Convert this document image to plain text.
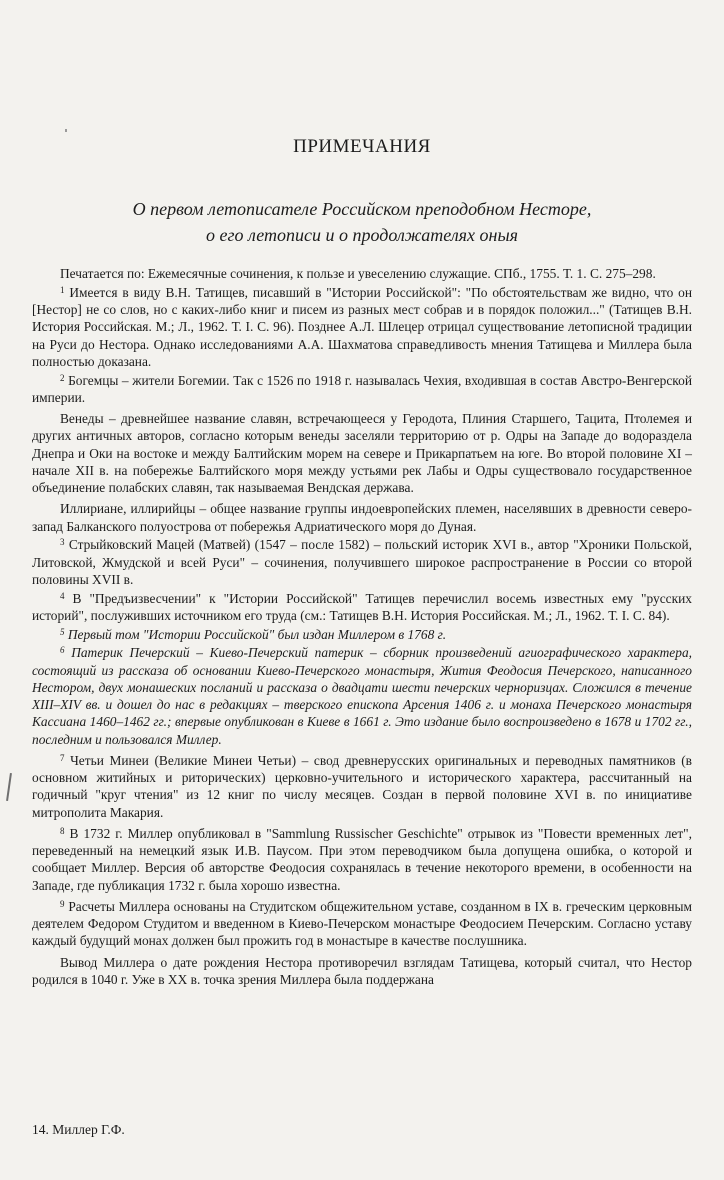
ПРИМЕЧАНИЯ
О первом летописателе Российском преподобном Несторе,
о его летописи и о продолжателях оныя

Печатается по: Ежемесячные сочинения, к пользе и увеселению служащие. СПб., 1755. Т. 1. С. 275–298.

$^1$ Имеется в виду В.Н. Татищев, писавший в "Истории Российской": "По обстоятельствам же видно, что он [Нестор] не со слов, но с каких-либо книг и писем из разных мест собрав и в порядок положил..." (Татищев В.Н. История Российская. М.; Л., 1962. Т. I. С. 96). Позднее А.Л. Шлецер отрицал существование летописной традиции на Руси до Нестора. Однако исследованиями А.А. Шахматова справедливость мнения Татищева и Миллера была полностью доказана.

$^2$ Богемцы – жители Богемии. Так с 1526 по 1918 г. называлась Чехия, входившая в состав Австро-Венгерской империи.

Венеды – древнейшее название славян, встречающееся у Геродота, Плиния Старшего, Тацита, Птолемея и других античных авторов, согласно которым венеды заселяли территорию от р. Одры на Западе до водораздела Днепра и Оки на востоке и между Балтийским морем на севере и Прикарпатьем на юге. Во второй половине XI – начале XII в. на побережье Балтийского моря между устьями рек Лабы и Одры существовало государственное объединение полабских славян, так называемая Вендская держава.

Иллириане, иллирийцы – общее название группы индоевропейских племен, населявших в древности северо-запад Балканского полуострова от побережья Адриатического моря до Дуная.

$^3$ Стрыйковский Мацей (Матвей) (1547 – после 1582) – польский историк XVI в., автор "Хроники Польской, Литовской, Жмудской и всей Руси" – сочинения, получившего широкое распространение в России со второй половины XVII в.

$^4$ В "Предъизвесчении" к "Истории Российской" Татищев перечислил восемь известных ему "русских историй", послуживших источником его труда (см.: Татищев В.Н. История Российская. М.; Л., 1962. Т. I. С. 84).

$^5$ Первый том "Истории Российской" был издан Миллером в 1768 г.

$^6$ Патерик Печерский – Киево-Печерский патерик – сборник произведений агиографического характера, состоящий из рассказа об основании Киево-Печерского монастыря, Жития Феодосия Печерского, написанного Нестором, двух монашеских посланий и рассказа о двадцати шести печерских черноризцах. Сложился в течение XIII–XIV вв. и дошел до нас в редакциях – тверского епископа Арсения 1406 г. и монаха Печерского монастыря Кассиана 1460–1462 гг.; впервые опубликован в Киеве в 1661 г. Это издание было воспроизведено в 1678 и 1702 гг., последним и пользовался Миллер.

$^7$ Четьи Минеи (Великие Минеи Четьи) – свод древнерусских оригинальных и переводных памятников (в основном житийных и риторических) церковно-учительного и исторического характера, рассчитанный на годичный "круг чтения" из 12 книг по числу месяцев. Создан в первой половине XVI в. по инициативе митрополита Макария.

$^8$ В 1732 г. Миллер опубликовал в "Sammlung Russischer Geschichte" отрывок из "Повести временных лет", переведенный на немецкий язык И.В. Паусом. При этом переводчиком была допущена ошибка, о которой и сообщает Миллер. Версия об авторстве Феодосия сохранялась в течение некоторого времени, в особенности на Западе, где публикация 1732 г. была хорошо известна.

$^9$ Расчеты Миллера основаны на Студитском общежительном уставе, созданном в IX в. греческим церковным деятелем Федором Студитом и введенном в Киево-Печерском монастыре Феодосием Печерским. Согласно уставу каждый будущий монах должен был прожить год в монастыре в качестве послушника.

Вывод Миллера о дате рождения Нестора противоречил взглядам Татищева, который считал, что Нестор родился в 1040 г. Уже в XX в. точка зрения Миллера была поддержана

14. Миллер Г.Ф.
